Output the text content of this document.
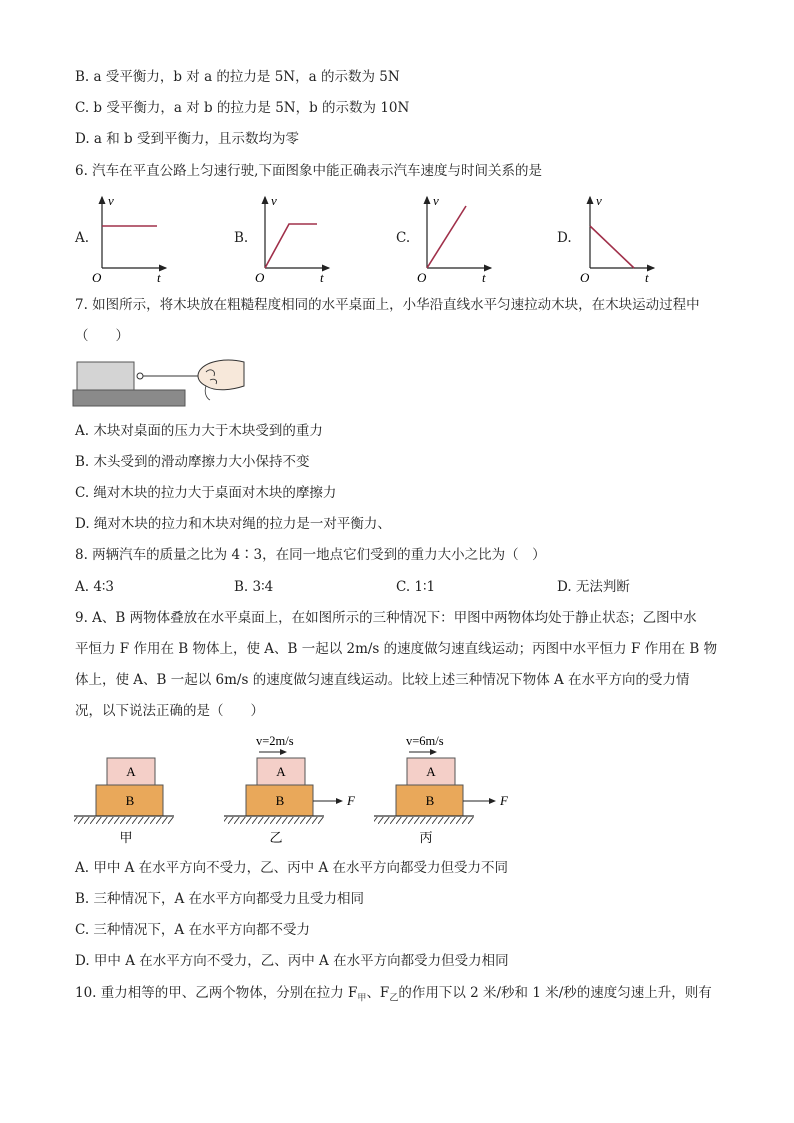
B. a 受平衡力，b 对 a 的拉力是 5N，a 的示数为 5N
C. b 受平衡力，a 对 b 的拉力是 5N，b 的示数为 10N
D. a 和 b 受到平衡力，且示数均为零
6. 汽车在平直公路上匀速行驶,下面图象中能正确表示汽车速度与时间关系的是
A.	B.	C.	D.
v
t
O
v
t
O
v
t
O
v
t
O
7. 如图所示，将木块放在粗糙程度相同的水平桌面上，小华沿直线水平匀速拉动木块，在木块运动过程中
（　　）
A. 木块对桌面的压力大于木块受到的重力
B. 木头受到的滑动摩擦力大小保持不变
C. 绳对木块的拉力大于桌面对木块的摩擦力
D. 绳对木块的拉力和木块对绳的拉力是一对平衡力、
8. 两辆汽车的质量之比为 4∶3，在同一地点它们受到的重力大小之比为（　）
A. 4∶3	B. 3∶4	C. 1∶1	D. 无法判断
9. A、B 两物体叠放在水平桌面上，在如图所示的三种情况下：甲图中两物体均处于静止状态；乙图中水
平恒力 F 作用在 B 物体上，使 A、B 一起以 2m/s 的速度做匀速直线运动；丙图中水平恒力 F 作用在 B 物
体上，使 A、B 一起以 6m/s 的速度做匀速直线运动。比较上述三种情况下物体 A 在水平方向的受力情
况，以下说法正确的是（　　）
A
B
甲
v=2m/s
A
B	F
乙
v=6m/s
A
B	F
丙
A. 甲中 A 在水平方向不受力，乙、丙中 A 在水平方向都受力但受力不同
B. 三种情况下，A 在水平方向都受力且受力相同
C. 三种情况下，A 在水平方向都不受力
D. 甲中 A 在水平方向不受力，乙、丙中 A 在水平方向都受力但受力相同
10. 重力相等的甲、乙两个物体，分别在拉力 $F_甲$、$F_乙$的作用下以 2 米/秒和 1 米/秒的速度匀速上升，则有
